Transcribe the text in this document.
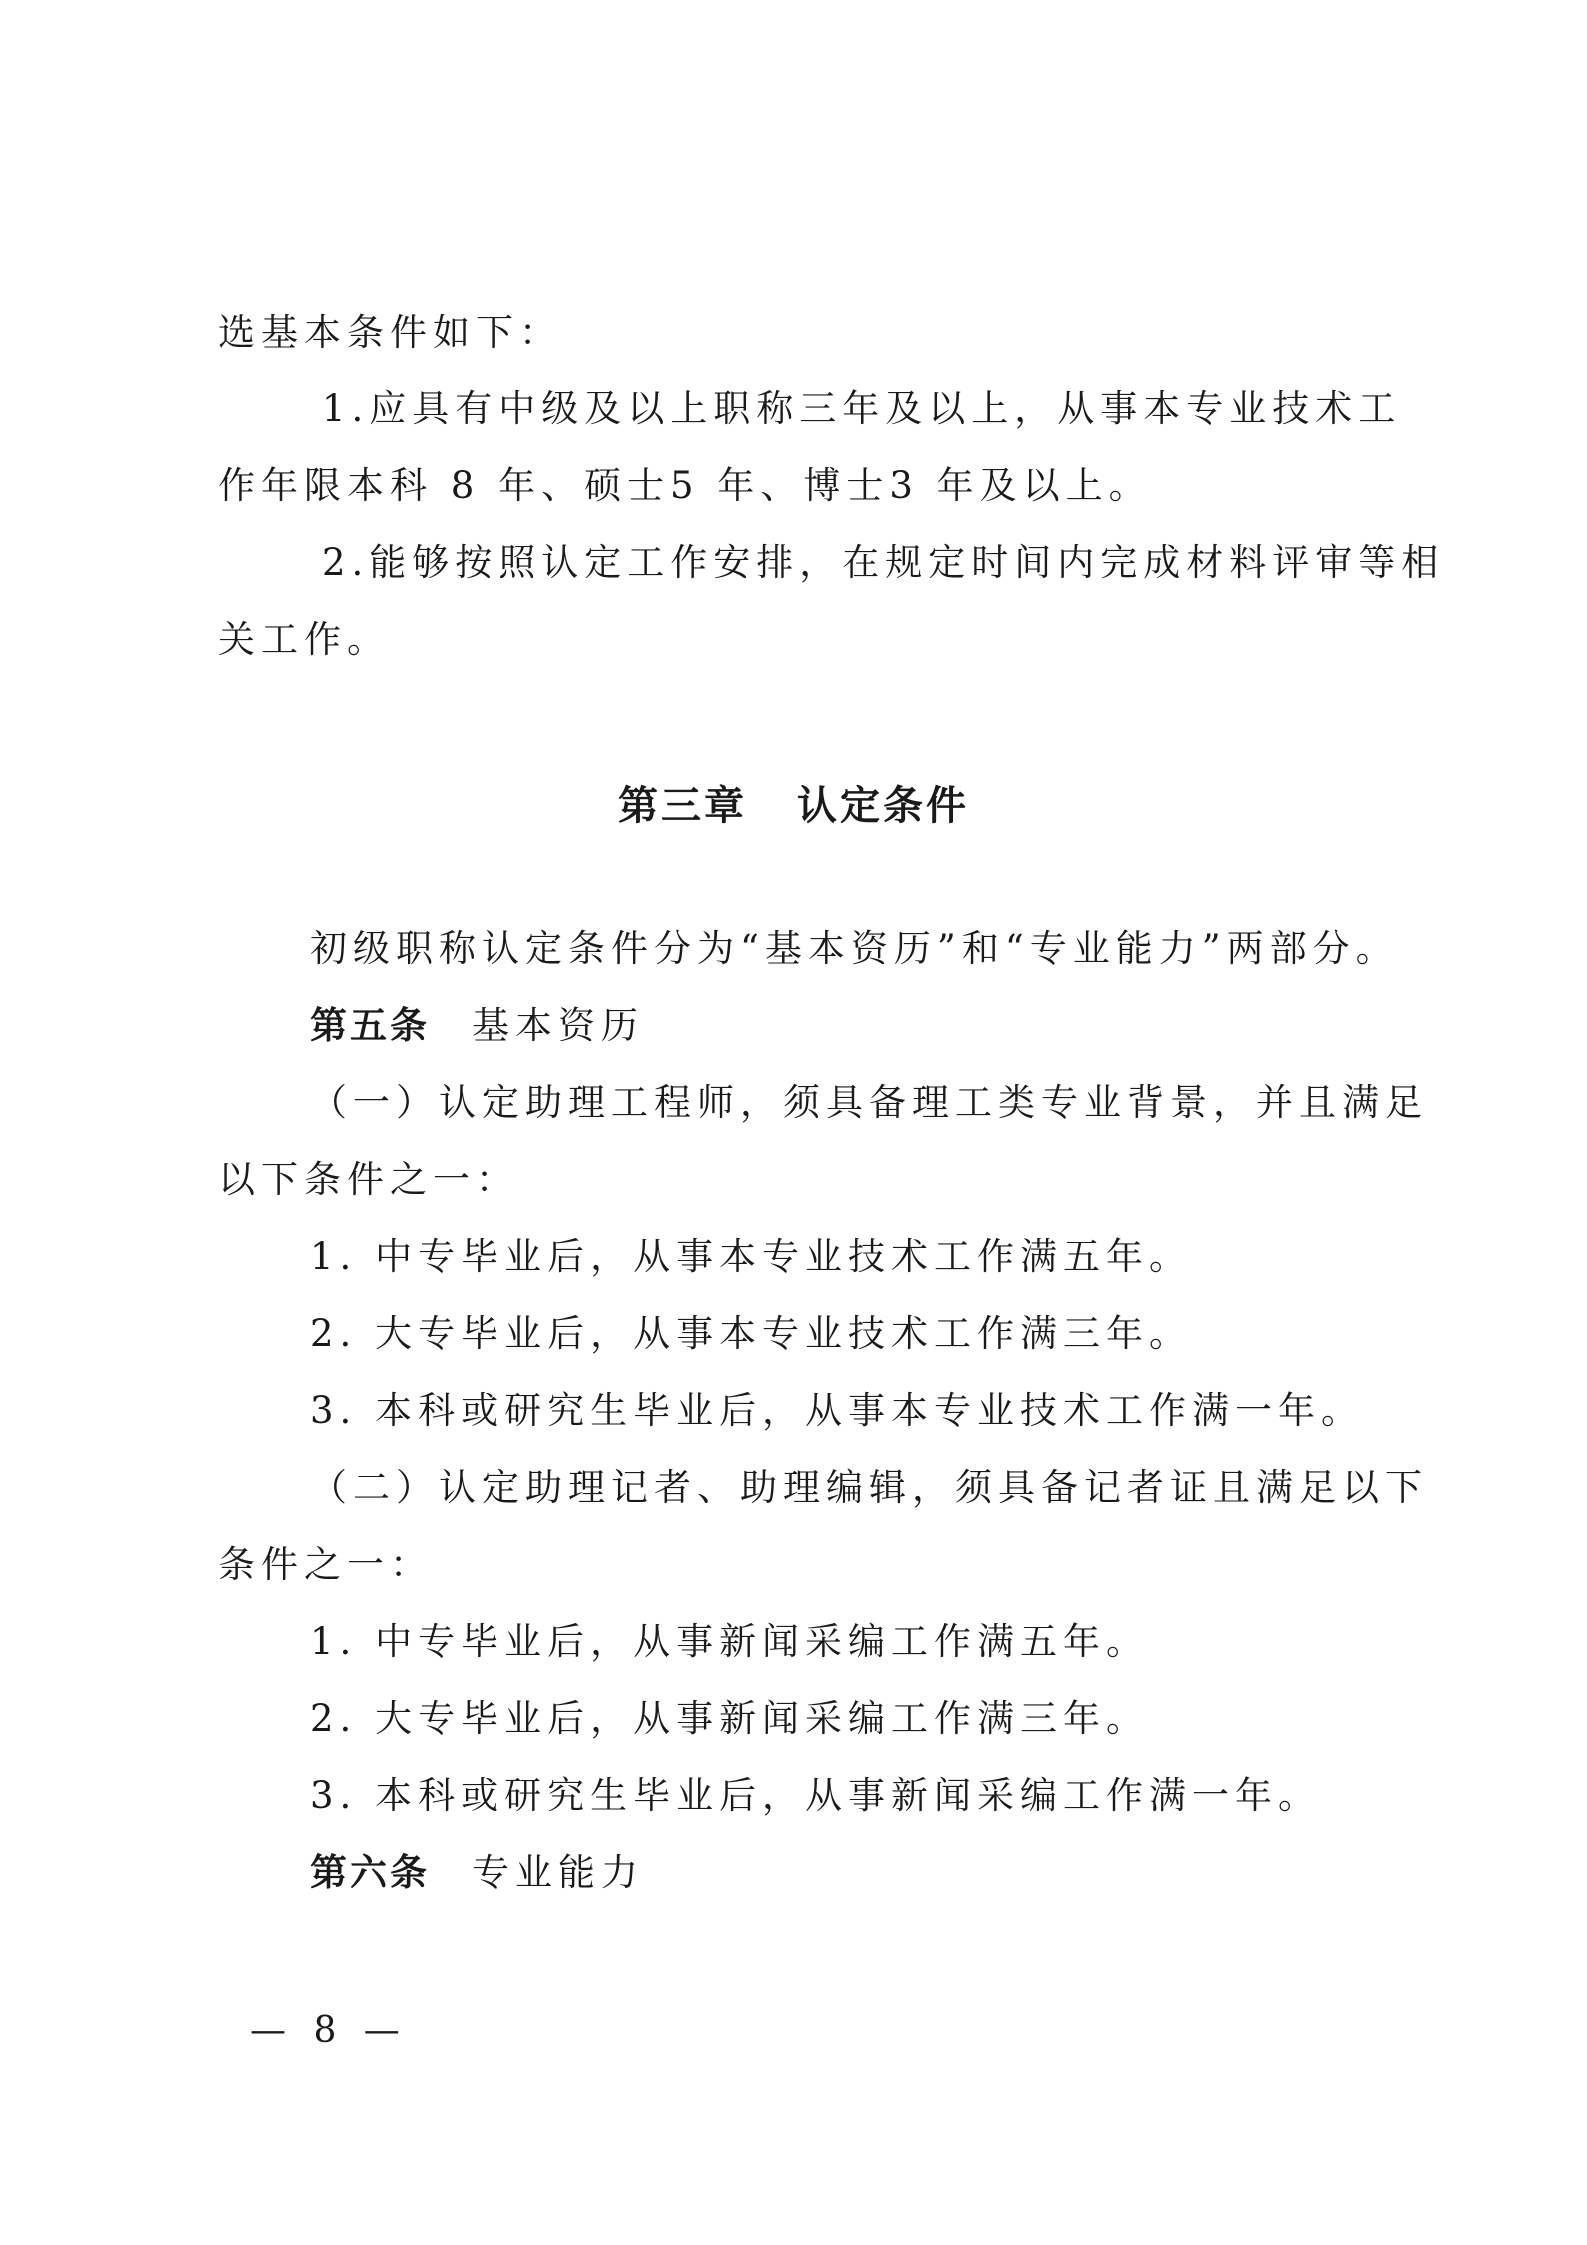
选基本条件如下：
1.应具有中级及以上职称三年及以上，从事本专业技术工
作年限本科 8 年、硕士5 年、博士3 年及以上。
2.能够按照认定工作安排，在规定时间内完成材料评审等相
关工作。
第三章 认定条件
初级职称认定条件分为“基本资历”和“专业能力”两部分。
第五条 基本资历
（一）认定助理工程师，须具备理工类专业背景，并且满足
以下条件之一：
1. 中专毕业后，从事本专业技术工作满五年。
2. 大专毕业后，从事本专业技术工作满三年。
3. 本科或研究生毕业后，从事本专业技术工作满一年。
（二）认定助理记者、助理编辑，须具备记者证且满足以下
条件之一：
1. 中专毕业后，从事新闻采编工作满五年。
2. 大专毕业后，从事新闻采编工作满三年。
3. 本科或研究生毕业后，从事新闻采编工作满一年。
第六条 专业能力
— 8 —
